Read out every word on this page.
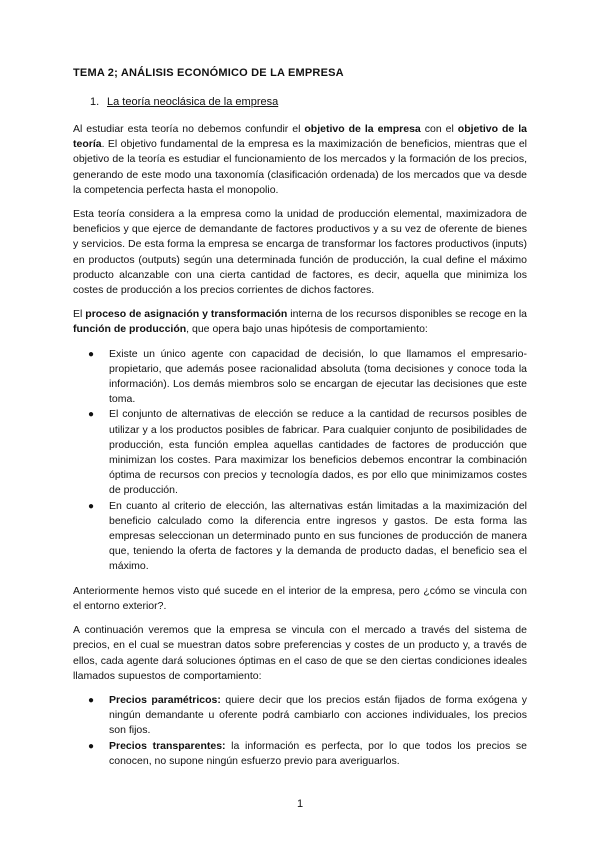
TEMA 2; ANÁLISIS ECONÓMICO DE LA EMPRESA
1. La teoría neoclásica de la empresa

Al estudiar esta teoría no debemos confundir el objetivo de la empresa con el objetivo de la teoría. El objetivo fundamental de la empresa es la maximización de beneficios, mientras que el objetivo de la teoría es estudiar el funcionamiento de los mercados y la formación de los precios, generando de este modo una taxonomía (clasificación ordenada) de los mercados que va desde la competencia perfecta hasta el monopolio.

Esta teoría considera a la empresa como la unidad de producción elemental, maximizadora de beneficios y que ejerce de demandante de factores productivos y a su vez de oferente de bienes y servicios. De esta forma la empresa se encarga de transformar los factores productivos (inputs) en productos (outputs) según una determinada función de producción, la cual define el máximo producto alcanzable con una cierta cantidad de factores, es decir, aquella que minimiza los costes de producción a los precios corrientes de dichos factores.

El proceso de asignación y transformación interna de los recursos disponibles se recoge en la función de producción, que opera bajo unas hipótesis de comportamiento:

● Existe un único agente con capacidad de decisión, lo que llamamos el empresario-propietario, que además posee racionalidad absoluta (toma decisiones y conoce toda la información). Los demás miembros solo se encargan de ejecutar las decisiones que este toma.
● El conjunto de alternativas de elección se reduce a la cantidad de recursos posibles de utilizar y a los productos posibles de fabricar. Para cualquier conjunto de posibilidades de producción, esta función emplea aquellas cantidades de factores de producción que minimizan los costes. Para maximizar los beneficios debemos encontrar la combinación óptima de recursos con precios y tecnología dados, es por ello que minimizamos costes de producción.
● En cuanto al criterio de elección, las alternativas están limitadas a la maximización del beneficio calculado como la diferencia entre ingresos y gastos. De esta forma las empresas seleccionan un determinado punto en sus funciones de producción de manera que, teniendo la oferta de factores y la demanda de producto dadas, el beneficio sea el máximo.

Anteriormente hemos visto qué sucede en el interior de la empresa, pero ¿cómo se vincula con el entorno exterior?.

A continuación veremos que la empresa se vincula con el mercado a través del sistema de precios, en el cual se muestran datos sobre preferencias y costes de un producto y, a través de ellos, cada agente dará soluciones óptimas en el caso de que se den ciertas condiciones ideales llamados supuestos de comportamiento:

● Precios paramétricos: quiere decir que los precios están fijados de forma exógena y ningún demandante u oferente podrá cambiarlo con acciones individuales, los precios son fijos.
● Precios transparentes: la información es perfecta, por lo que todos los precios se conocen, no supone ningún esfuerzo previo para averiguarlos.
1
